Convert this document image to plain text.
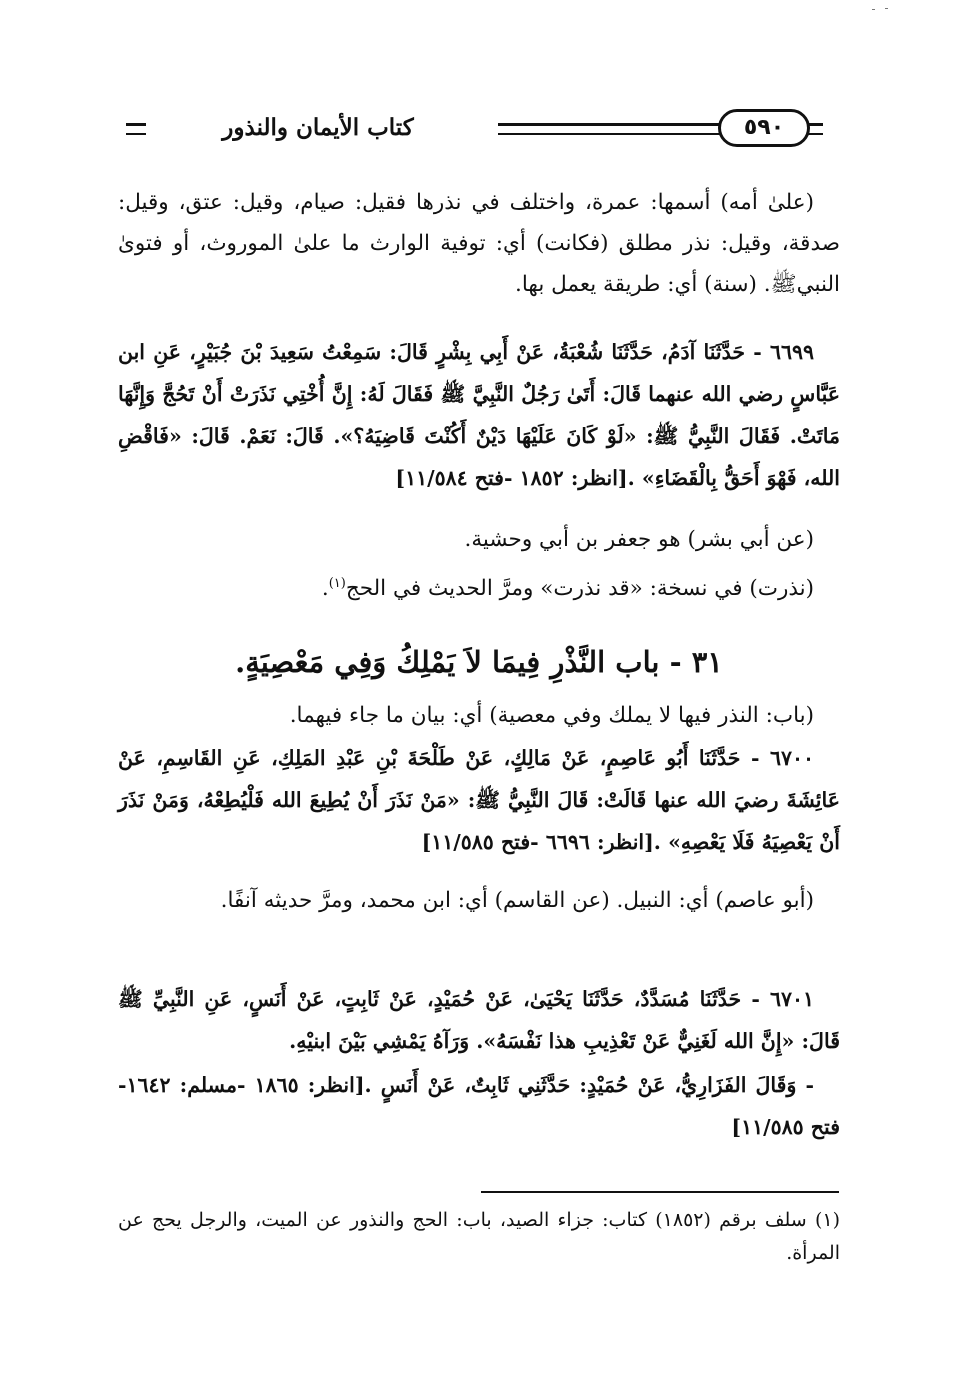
كتاب الأيمان والنذور	٥٩٠

(علىٰ أمه) أسمها: عمرة، واختلف في نذرها فقيل: صيام، وقيل: عتق، وقيل: صدقة، وقيل: نذر مطلق (فكانت) أي: توفية الوارث ما علىٰ الموروث، أو فتوىٰ النبيﷺ. (سنة) أي: طريقة يعمل بها.

٦٦٩٩ - حَدَّثَنَا آدَمُ، حَدَّثَنَا شُعْبَةُ، عَنْ أَبِي بِشْرٍ قَالَ: سَمِعْتُ سَعِيدَ بْنَ جُبَيْرٍ، عَنِ ابن عَبَّاسٍ رضي الله عنهما قَالَ: أَتَىٰ رَجُلٌ النَّبِيَّ ﷺ فَقَالَ لَهُ: إِنَّ أُخْتِي نَذَرَتْ أَنْ تَحُجَّ وَإِنَّهَا مَاتَتْ. فَقَالَ النَّبِيُّ ﷺ: «لَوْ كَانَ عَلَيْهَا دَيْنٌ أَكُنْتَ قَاضِيَهُ؟». قَالَ: نَعَمْ. قَالَ: «فَاقْضِ الله، فَهْوَ أَحَقُّ بِالْقَضَاءِ» .[انظر: ١٨٥٢ -فتح ١١/٥٨٤]

(عن أبي بشر) هو جعفر بن أبي وحشية.

(نذرت) في نسخة: «قد نذرت» ومرَّ الحديث في الحج$^{(١)}$.

٣١ - باب النَّذْرِ فِيمَا لاَ يَمْلِكُ وَفِي مَعْصِيَةٍ.

(باب: النذر فيها لا يملك وفي معصية) أي: بيان ما جاء فيهما.

٦٧٠٠ - حَدَّثَنَا أَبُو عَاصِمٍ، عَنْ مَالِكٍ، عَنْ طَلْحَةَ بْنِ عَبْدِ المَلِكِ، عَنِ القَاسِمِ، عَنْ عَائِشَةَ رضيَ الله عنها قَالَتْ: قَالَ النَّبِيُّ ﷺ: «مَنْ نَذَرَ أَنْ يُطِيعَ الله فَلْيُطِعْهُ، وَمَنْ نَذَرَ أَنْ يَعْصِيَهُ فَلَا يَعْصِهِ» .[انظر: ٦٦٩٦ -فتح ١١/٥٨٥]

(أبو عاصم) أي: النبيل. (عن القاسم) أي: ابن محمد، ومرَّ حديثه آنفًا.

٦٧٠١ - حَدَّثَنَا مُسَدَّدٌ، حَدَّثَنَا يَحْيَىٰ، عَنْ حُمَيْدٍ، عَنْ ثَابِتٍ، عَنْ أَنَسٍ، عَنِ النَّبِيِّ ﷺ قَالَ: «إِنَّ الله لَغَنِيٌّ عَنْ تَعْذِيبِ هذا نَفْسَهُ». وَرَآهُ يَمْشِي بَيْنَ ابنيْهِ.

- وَقَالَ الفَزَارِيُّ، عَنْ حُمَيْدٍ: حَدَّثَنِي ثَابِتٌ، عَنْ أَنَسٍ .[انظر: ١٨٦٥ -مسلم: ١٦٤٢- فتح ١١/٥٨٥]

(١) سلف برقم (١٨٥٢) كتاب: جزاء الصيد، باب: الحج والنذور عن الميت، والرجل يحج عن المرأة.
